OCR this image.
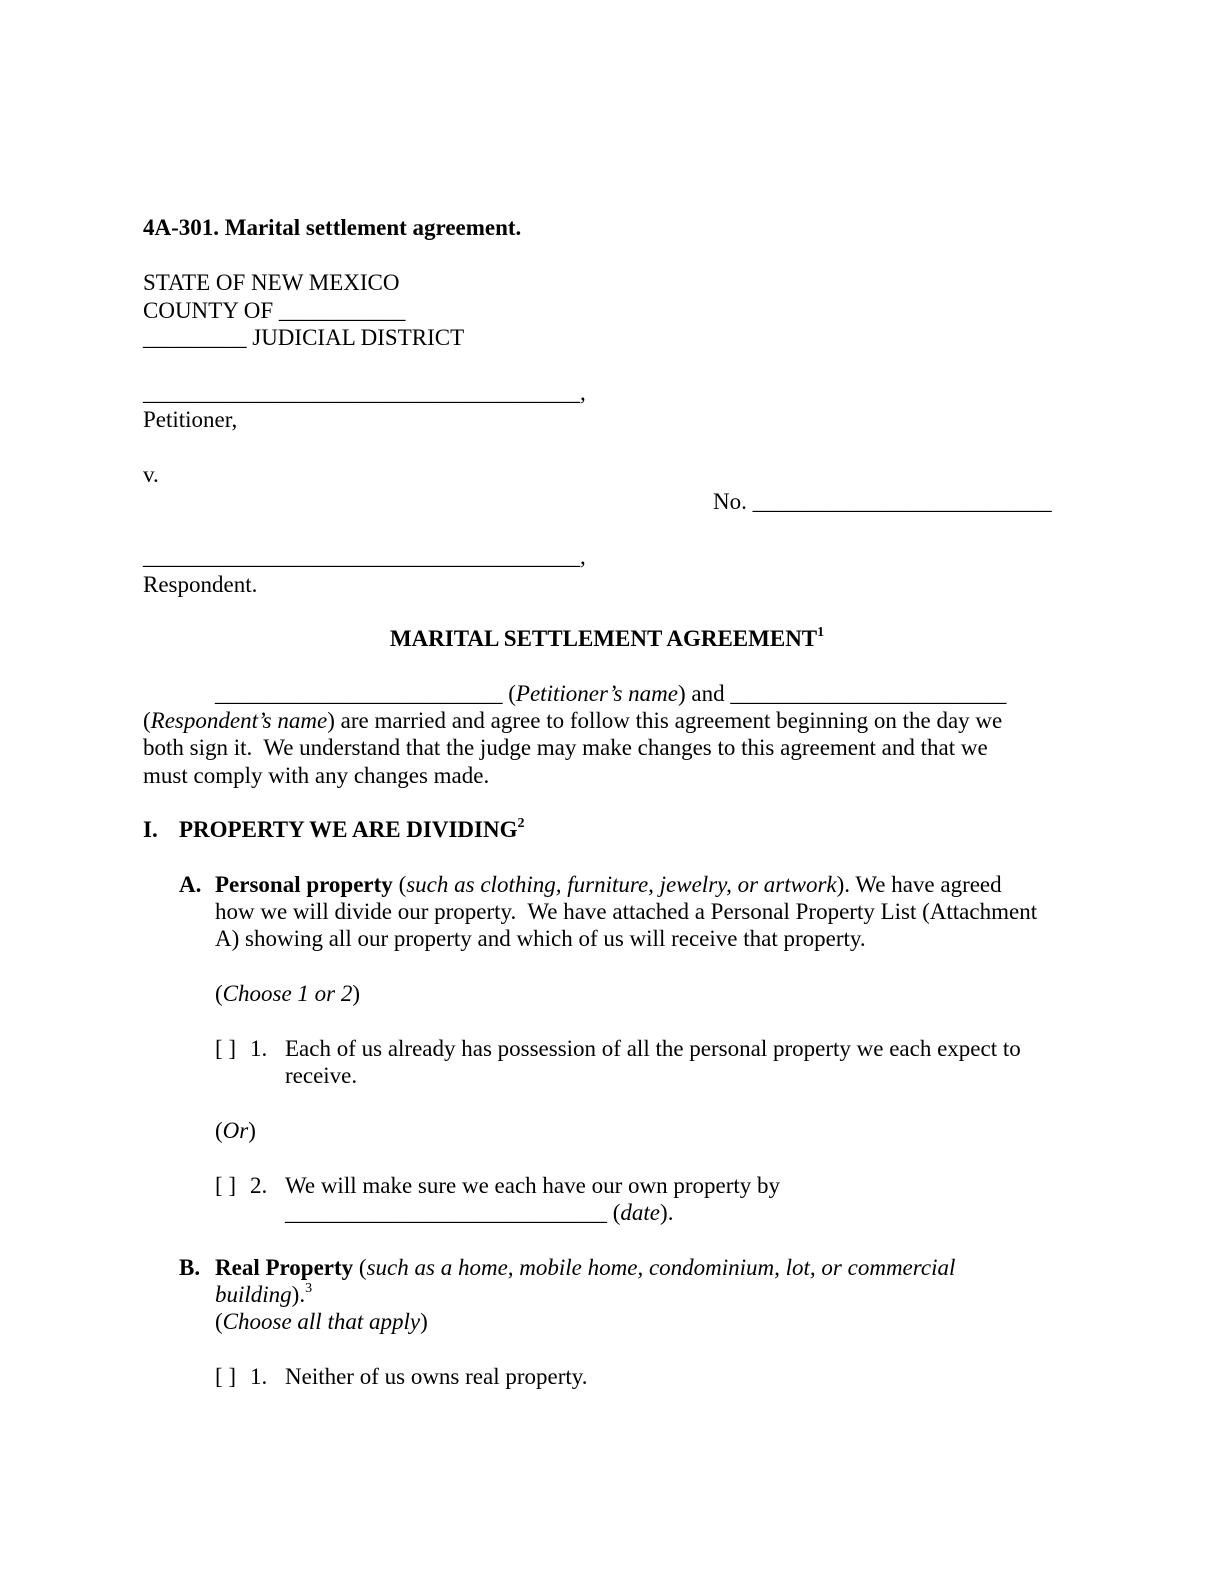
4A-301. Marital settlement agreement.
STATE OF NEW MEXICO
COUNTY OF ___________
_________ JUDICIAL DISTRICT
______________________________________,
Petitioner,
v.
No. __________________________
______________________________________,
Respondent.
MARITAL SETTLEMENT AGREEMENT$^1$
_________________________ (Petitioner’s name) and ________________________
(Respondent’s name) are married and agree to follow this agreement beginning on the day we
both sign it.  We understand that the judge may make changes to this agreement and that we
must comply with any changes made.
I. PROPERTY WE ARE DIVIDING$^2$
A. Personal property (such as clothing, furniture, jewelry, or artwork). We have agreed
how we will divide our property.  We have attached a Personal Property List (Attachment
A) showing all our property and which of us will receive that property.
(Choose 1 or 2)
[ ] 1. Each of us already has possession of all the personal property we each expect to
receive.
(Or)
[ ] 2. We will make sure we each have our own property by
____________________________ (date).
B. Real Property (such as a home, mobile home, condominium, lot, or commercial
building).$^3$
(Choose all that apply)
[ ] 1. Neither of us owns real property.
